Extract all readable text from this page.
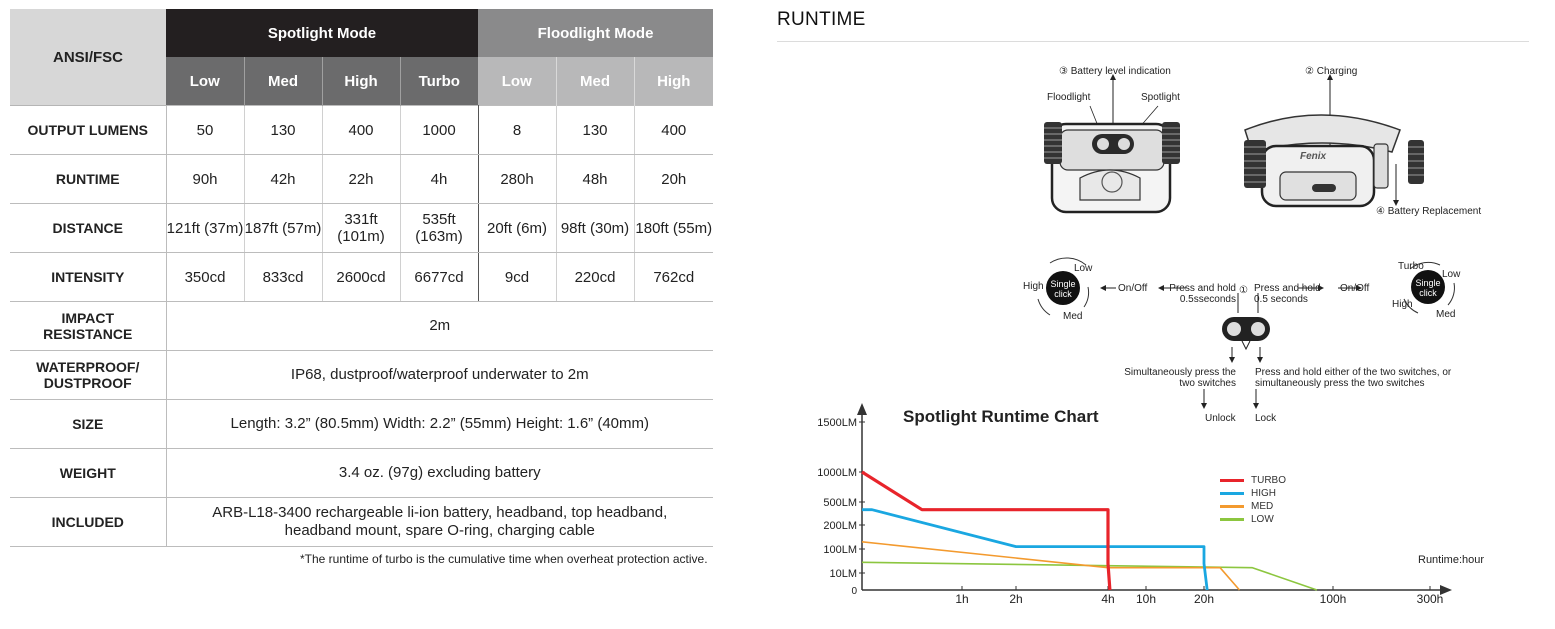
ANSI/FSC	Spotlight Mode				Floodlight Mode		
	Low	Med	High	Turbo	Low	Med	High
OUTPUT LUMENS	50	130	400	1000	8	130	400
RUNTIME	90h	42h	22h	4h	280h	48h	20h
DISTANCE	121ft (37m)	187ft (57m)	331ft (101m)	535ft (163m)	20ft (6m)	98ft (30m)	180ft (55m)
INTENSITY	350cd	833cd	2600cd	6677cd	9cd	220cd	762cd
IMPACT RESISTANCE	2m						
WATERPROOF/ DUSTPROOF	IP68, dustproof/waterproof underwater to 2m						
SIZE	Length: 3.2” (80.5mm) Width: 2.2” (55mm) Height: 1.6” (40mm)						
WEIGHT	3.4 oz. (97g) excluding battery						
INCLUDED	ARB-L18-3400 rechargeable li-ion battery, headband, top headband, headband mount, spare O-ring, charging cable						
*The runtime of turbo is the cumulative time when overheat protection active.
RUNTIME
③ Battery level indication
Floodlight	Spotlight
② Charging
④ Battery Replacement
Fenix
Low
High
Med
Single click
Turbo
Low
High
Med
Single click
On/Off	On/Off
Press and hold 0.5sseconds
① Press and hold 0.5 seconds
Simultaneously press the two switches
Press and hold either of the two switches, or simultaneously press the two switches
Unlock Lock
Spotlight Runtime Chart
0
10LM
100LM
200LM
500LM
1000LM
1500LM
1h	2h	4h 10h	20h	100h	300h
TURBO
HIGH
MED
LOW
Runtime:hour
